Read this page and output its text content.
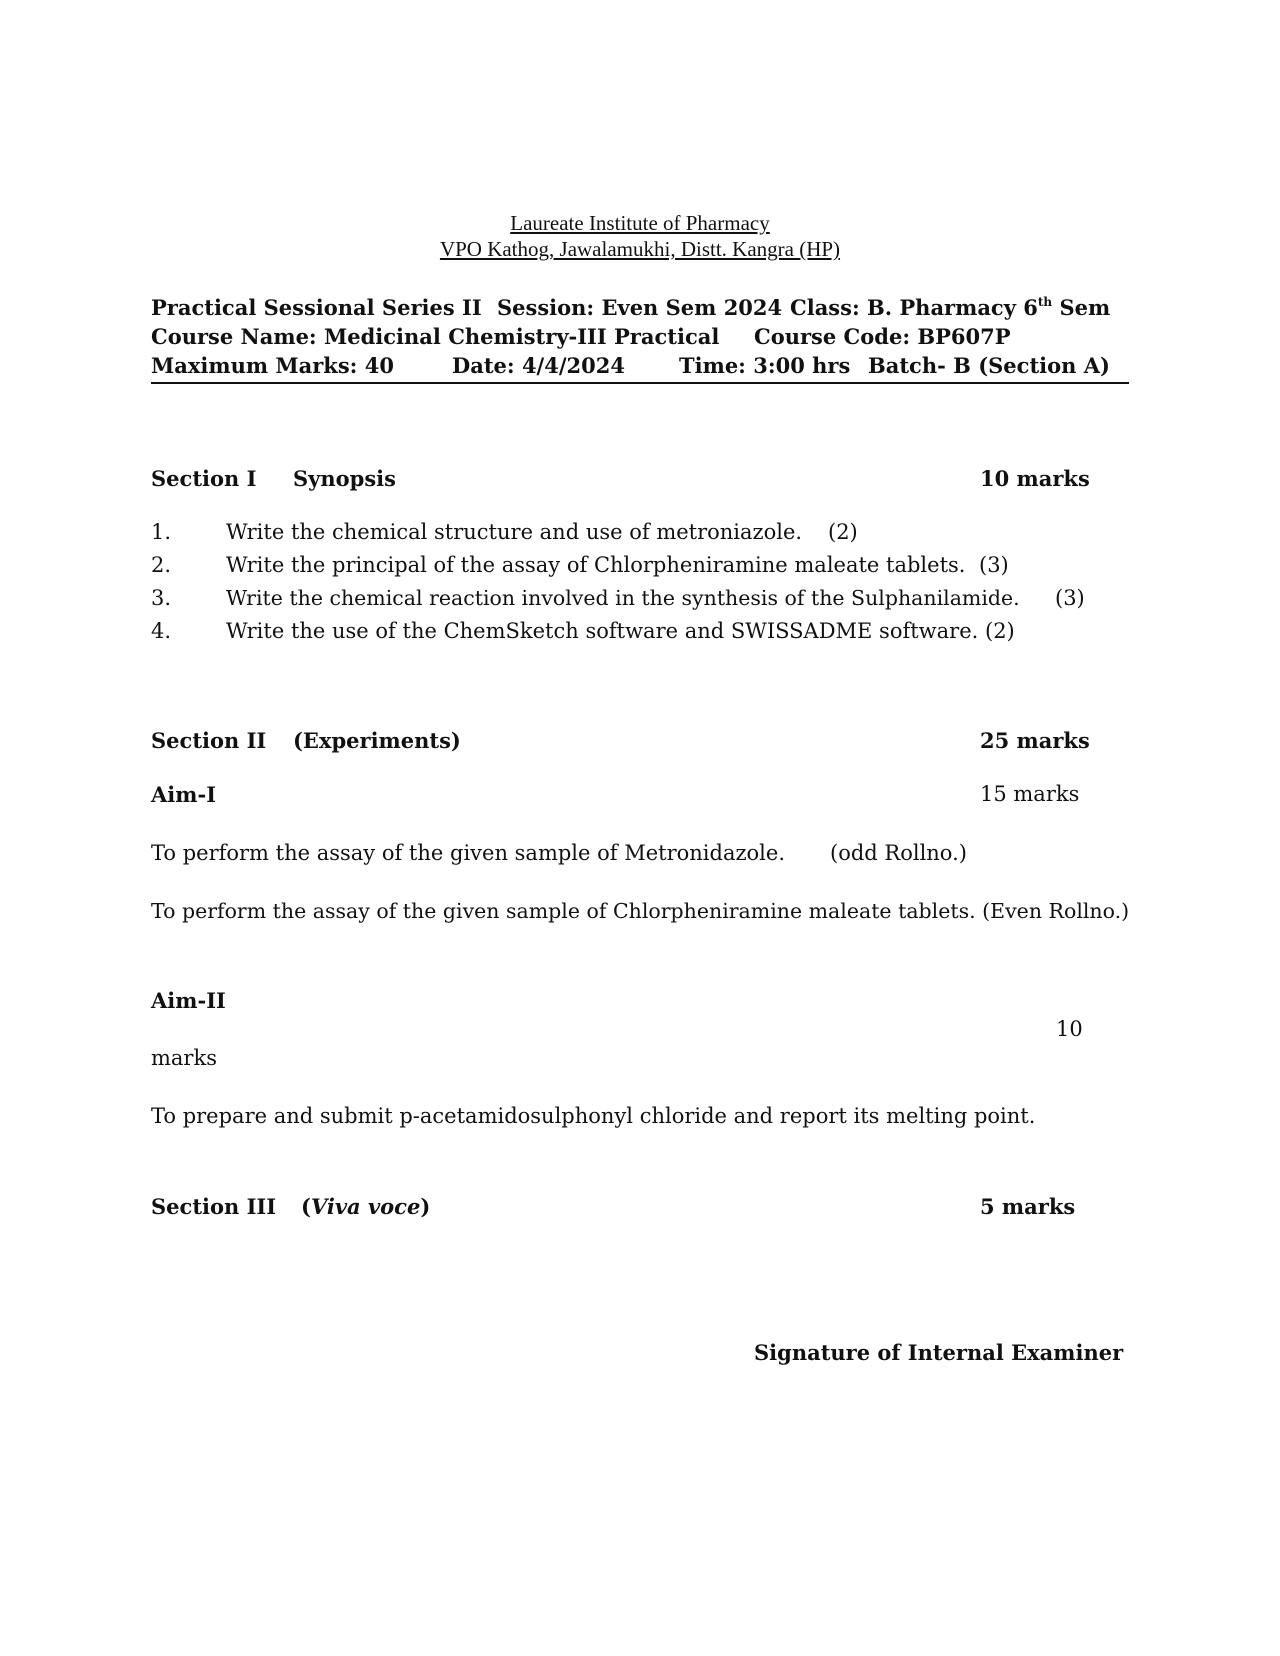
Laureate Institute of Pharmacy
VPO Kathog, Jawalamukhi, Distt. Kangra (HP)
Practical Sessional Series II Session: Even Sem 2024 Class: B. Pharmacy 6th Sem
Course Name: Medicinal Chemistry-III Practical Course Code: BP607P
Maximum Marks: 40	Date: 4/4/2024	Time: 3:00 hrs Batch- B (Section A)
Section I Synopsis	10 marks
1.	Write the chemical structure and use of metroniazole. (2)
2.	Write the principal of the assay of Chlorpheniramine maleate tablets. (3)
3.	Write the chemical reaction involved in the synthesis of the Sulphanilamide. (3)
4.	Write the use of the ChemSketch software and SWISSADME software. (2)
Section II (Experiments)	25 marks
Aim-I	15 marks
To perform the assay of the given sample of Metronidazole. (odd Rollno.)
To perform the assay of the given sample of Chlorpheniramine maleate tablets. (Even Rollno.)
Aim-II
10
marks
To prepare and submit p-acetamidosulphonyl chloride and report its melting point.
Section III (Viva voce)	5 marks
Signature of Internal Examiner
